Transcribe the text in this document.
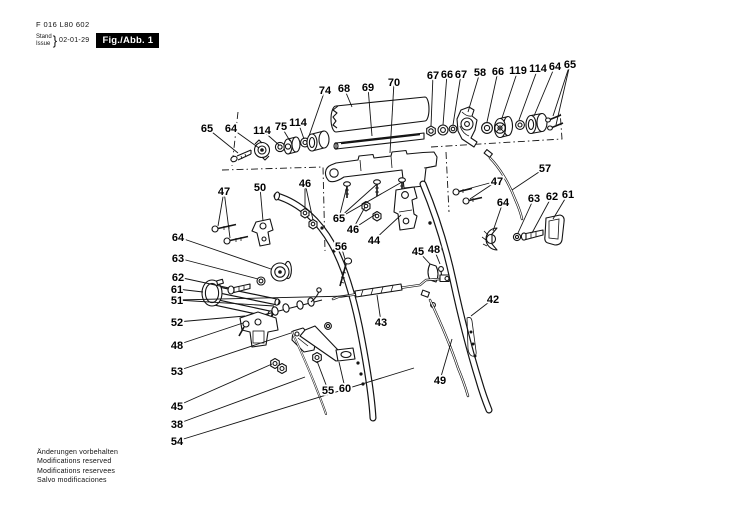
F 016 L80 602
Stand
Issue } 02-01-29	Fig./Abb. 1
Änderungen vorbehalten
Modifications reserved
Modifications reservees
Salvo modificaciones
65 64 114 75 114
74 68 69 70
67 66 67 58 66 119 114 64 65
47 50	46
65
46
44
56	45 48
57
47
64 63 62 61
42
49
43
64
63
62
61
51
52
48
53
45
38
54
55 60
